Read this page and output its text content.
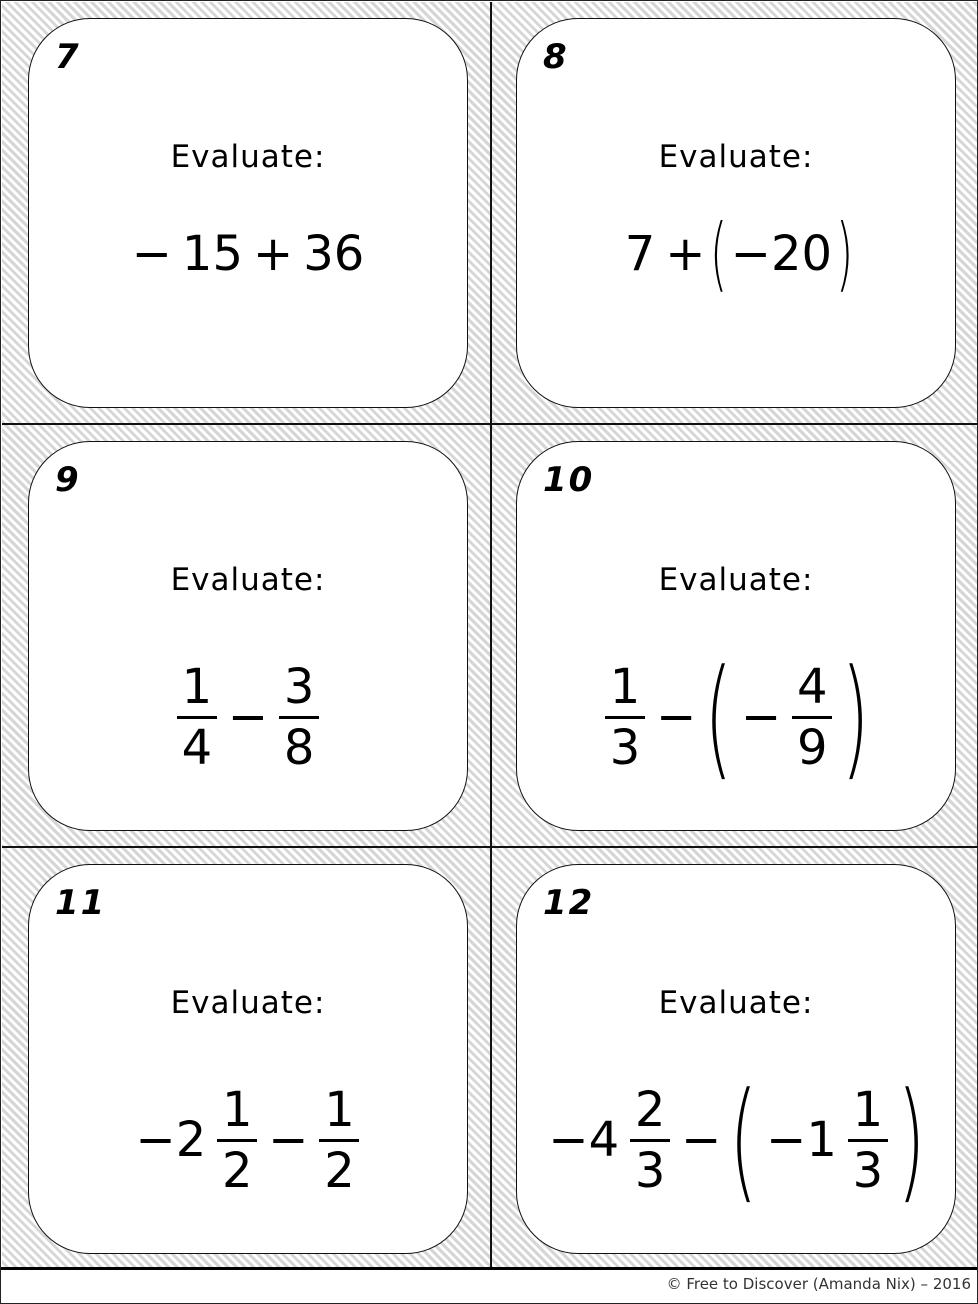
7
Evaluate:
− 15 + 36
8
Evaluate:
7 + ( −20 )
9
Evaluate:
$\frac{1}{4} - \frac{3}{8}$
10
Evaluate:
$\frac{1}{3}$ − ( − $\frac{4}{9}$ )
11
Evaluate:
$-2 \frac{1}{2} - \frac{1}{2}$
12
Evaluate:
$-4 \frac{2}{3}$ − ( $-1 \frac{1}{3}$ )
© Free to Discover (Amanda Nix) – 2016
